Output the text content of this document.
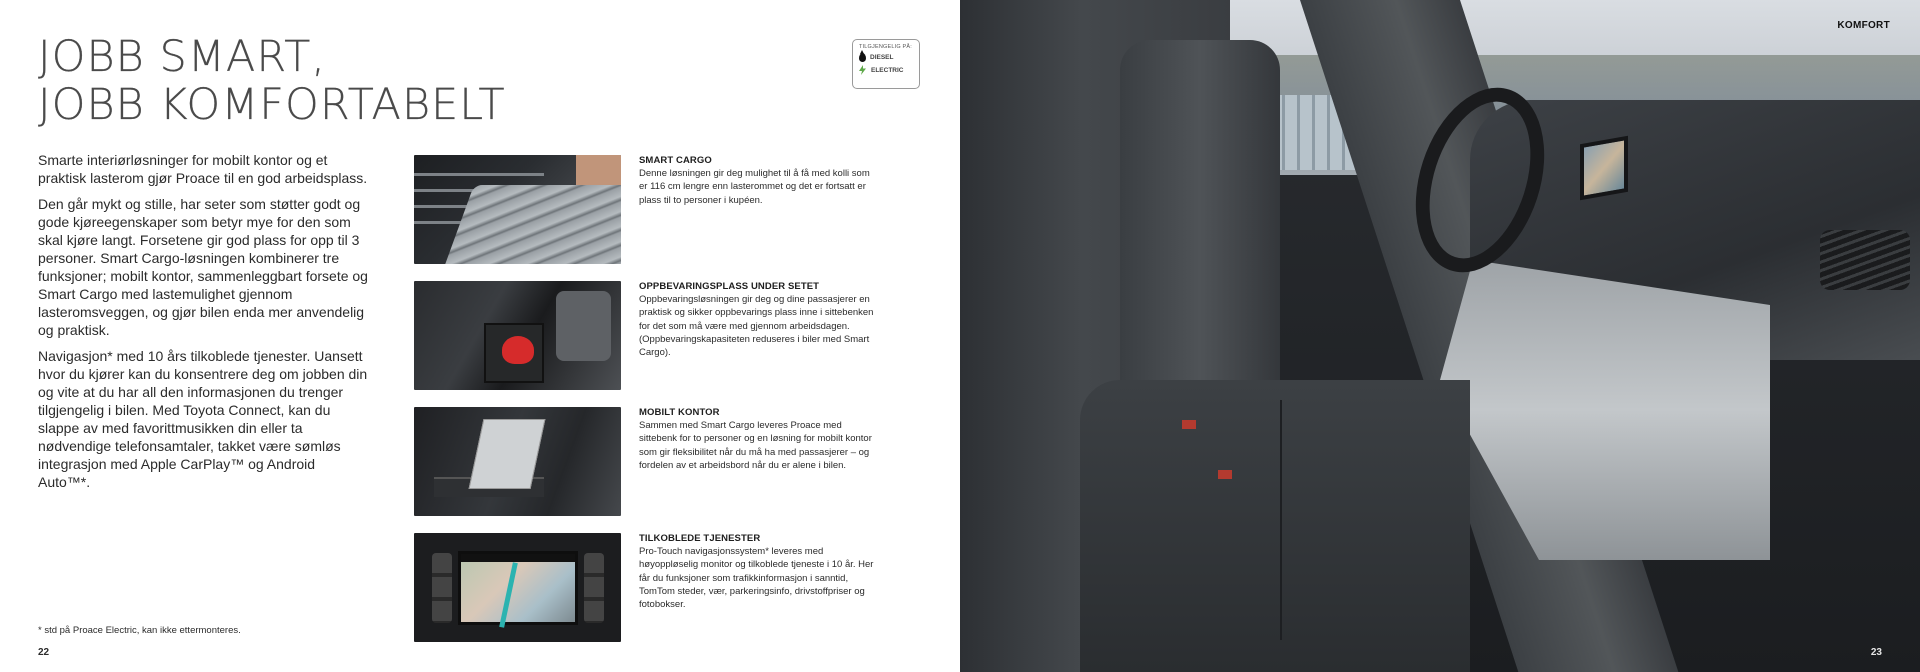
JOBB SMART,
JOBB KOMFORTABELT
TILGJENGELIG PÅ:
DIESEL
ELECTRIC

Smarte interiørløsninger for mobilt kontor og et praktisk lasterom gjør Proace til en god arbeidsplass.

Den går mykt og stille, har seter som støtter godt og gode kjøreegenskaper som betyr mye for den som skal kjøre langt. Forsetene gir god plass for opp til 3 personer. Smart Cargo-løsningen kombinerer tre funksjoner; mobilt kontor, sammenleggbart forsete og Smart Cargo med lastemulighet gjennom lasteromsveggen, og gjør bilen enda mer anvendelig og praktisk.

Navigasjon* med 10 års tilkoblede tjenester. Uansett hvor du kjører kan du konsentrere deg om jobben din og vite at du har all den informasjonen du trenger tilgjengelig i bilen. Med Toyota Connect, kan du slappe av med favorittmusikken din eller ta nødvendige telefonsamtaler, takket være sømløs integrasjon med Apple CarPlay™ og Android Auto™*.

SMART CARGO
Denne løsningen gir deg mulighet til å få med kolli som er 116 cm lengre enn lasterommet og det er fortsatt er plass til to personer i kupéen.
OPPBEVARINGSPLASS UNDER SETET
Oppbevaringsløsningen gir deg og dine passasjerer en praktisk og sikker oppbevarings plass inne i sittebenken for det som må være med gjennom arbeidsdagen. (Oppbevaringskapasiteten reduseres i biler med Smart Cargo).
MOBILT KONTOR
Sammen med Smart Cargo leveres Proace med sittebenk for to personer og en løsning for mobilt kontor som gir fleksibilitet når du må ha med passasjerer – og fordelen av et arbeidsbord når du er alene i bilen.
TILKOBLEDE TJENESTER
Pro-Touch navigasjonssystem* leveres med høyoppløselig monitor og tilkoblede tjeneste i 10 år. Her får du funksjoner som trafikkinformasjon i sanntid, TomTom steder, vær, parkeringsinfo, drivstoffpriser og fotobokser.
* std på Proace Electric, kan ikke ettermonteres.
22
KOMFORT
23
